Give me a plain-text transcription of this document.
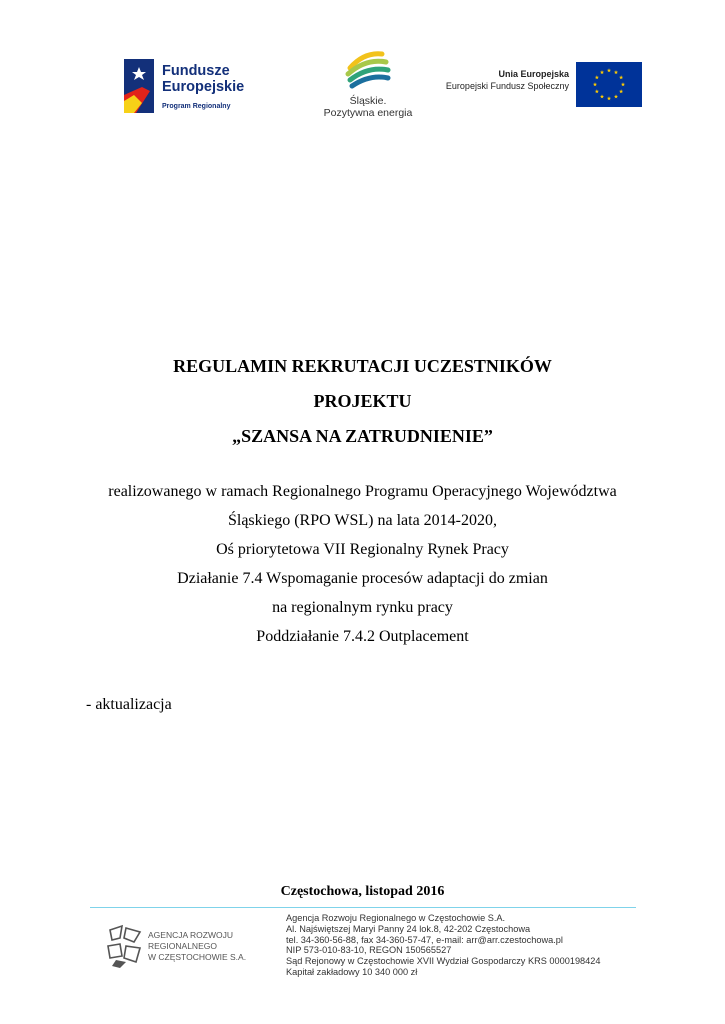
Fundusze
Europejskie
Program Regionalny	Śląskie.
Pozytywna energia
Unia Europejska
Europejski Fundusz Społeczny
REGULAMIN REKRUTACJI UCZESTNIKÓW
PROJEKTU
„SZANSA NA ZATRUDNIENIE”
realizowanego w ramach Regionalnego Programu Operacyjnego Województwa
Śląskiego (RPO WSL) na lata 2014-2020,
Oś priorytetowa VII Regionalny Rynek Pracy
Działanie 7.4 Wspomaganie procesów adaptacji do zmian
na regionalnym rynku pracy
Poddziałanie 7.4.2 Outplacement
- aktualizacja
Częstochowa, listopad 2016
AGENCJA ROZWOJU
REGIONALNEGO
W CZĘSTOCHOWIE S.A.
Agencja Rozwoju Regionalnego w Częstochowie S.A.
Al. Najświętszej Maryi Panny 24 lok.8, 42-202 Częstochowa
tel. 34-360-56-88, fax 34-360-57-47, e-mail: arr@arr.czestochowa.pl
NIP 573-010-83-10, REGON 150565527
Sąd Rejonowy w Częstochowie XVII Wydział Gospodarczy KRS 0000198424
Kapitał zakładowy 10 340 000 zł
